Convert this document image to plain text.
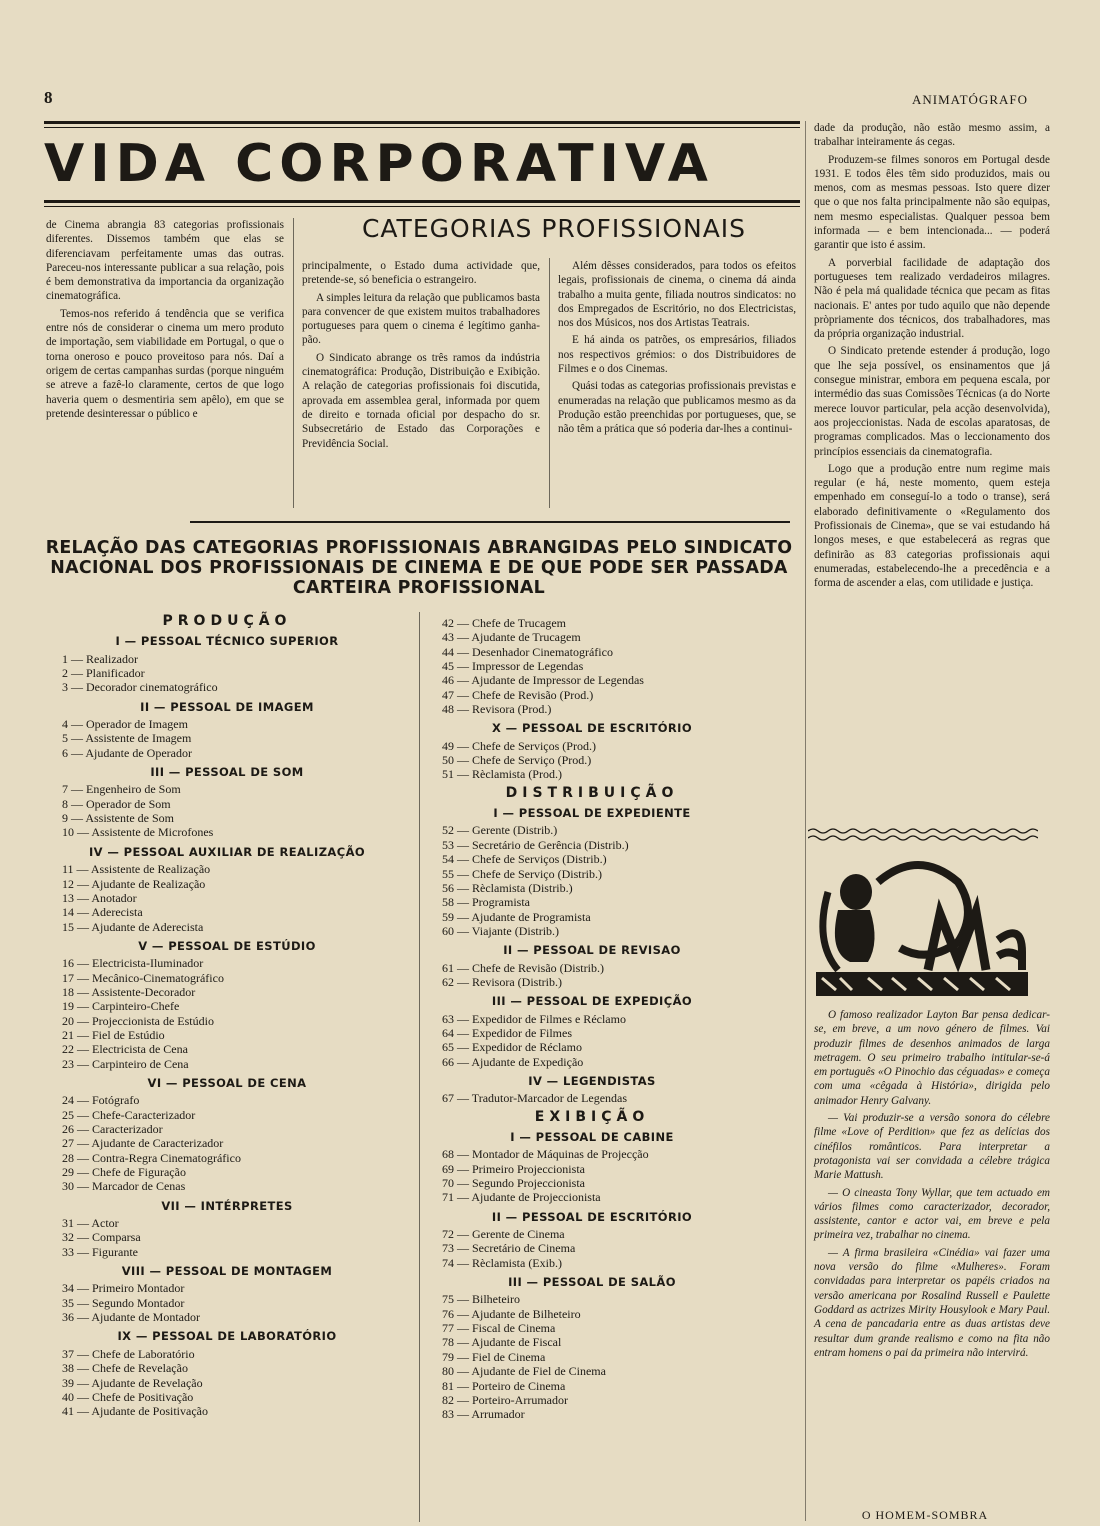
8	ANIMATÓGRAFO
VIDA CORPORATIVA

de Cinema abrangia 83 categorias profissionais diferentes. Dissemos também que elas se diferenciavam perfeitamente umas das outras. Pareceu-nos interessante publicar a sua relação, pois é bem demonstrativa da importancia da organização cinematográfica.

Temos-nos referido á tendência que se verifica entre nós de considerar o cinema um mero produto de importação, sem viabilidade em Portugal, o que o torna oneroso e pouco proveitoso para nós. Daí a origem de certas campanhas surdas (porque ninguém se atreve a fazê-lo claramente, certos de que logo haveria quem o desmentiria sem apêlo), em que se pretende desinteressar o público e

CATEGORIAS PROFISSIONAIS

principalmente, o Estado duma actividade que, pretende-se, só beneficia o estrangeiro.

A simples leitura da relação que publicamos basta para convencer de que existem muitos trabalhadores portugueses para quem o cinema é legítimo ganha-pão.

O Sindicato abrange os três ramos da indústria cinematográfica: Produção, Distribuição e Exibição. A relação de categorias profissionais foi discutida, aprovada em assemblea geral, informada por quem de direito e tornada oficial por despacho do sr. Subsecretário de Estado das Corporações e Previdência Social.

Além dêsses considerados, para todos os efeitos legais, profissionais de cinema, o cinema dá ainda trabalho a muita gente, filiada noutros sindicatos: no dos Empregados de Escritório, no dos Electricistas, nos dos Músicos, nos dos Artistas Teatrais.

E há ainda os patrões, os empresários, filiados nos respectivos grémios: o dos Distribuidores de Filmes e o dos Cinemas.

Quási todas as categorias profissionais previstas e enumeradas na relação que publicamos mesmo as da Produção estão preenchidas por portugueses, que, se não têm a prática que só poderia dar-lhes a continui-

dade da produção, não estão mesmo assim, a trabalhar inteiramente ás cegas.

Produzem-se filmes sonoros em Portugal desde 1931. E todos êles têm sido produzidos, mais ou menos, com as mesmas pessoas. Isto quere dizer que o que nos falta principalmente não são equipas, nem mesmo especialistas. Qualquer pessoa bem informada — e bem intencionada... — poderá garantir que isto é assim.

A porverbial facilidade de adaptação dos portugueses tem realizado verdadeiros milagres. Não é pela má qualidade técnica que pecam as fitas nacionais. E' antes por tudo aquilo que não depende pròpriamente dos técnicos, dos trabalhadores, mas da própria organização industrial.

O Sindicato pretende estender á produção, logo que lhe seja possível, os ensinamentos que já consegue ministrar, embora em pequena escala, por intermédio das suas Comissões Técnicas (a do Norte merece louvor particular, pela acção desenvolvida), aos projeccionistas. Nada de escolas aparatosas, de programas complicados. Mas o leccionamento dos princípios essenciais da cinematografia.

Logo que a produção entre num regime mais regular (e há, neste momento, quem esteja empenhado em conseguí-lo a todo o transe), será elaborado definitivamente o «Regulamento dos Profissionais de Cinema», que se vai estudando há longos meses, e que estabelecerá as regras que definirão as 83 categorias profissionais aqui enumeradas, estabelecendo-lhe a precedência e a forma de ascender a elas, com utilidade e justiça.

O famoso realizador Layton Bar pensa dedicar-se, em breve, a um novo género de filmes. Vai produzir filmes de desenhos animados de larga metragem. O seu primeiro trabalho intitular-se-á em português «O Pinochio das céguadas» e começa com uma «cêgada à História», dirigida pelo animador Henry Galvany.

— Vai produzir-se a versão sonora do célebre filme «Love of Perdition» que fez as delícias dos cinéfilos românticos. Para interpretar a protagonista vai ser convidada a célebre trágica Marie Mattush.

— O cineasta Tony Wyllar, que tem actuado em vários filmes como caracterizador, decorador, assistente, cantor e actor vai, em breve e pela primeira vez, trabalhar no cinema.

— A firma brasileira «Cinédia» vai fazer uma nova versão do filme «Mulheres». Foram convidadas para interpretar os papéis criados na versão americana por Rosalind Russell e Paulette Goddard as actrizes Mirity Housylook e Mary Paul. A cena de pancadaria entre as duas artistas deve resultar dum grande realismo e como na fita não entram homens o pai da primeira não intervirá.

O HOMEM-SOMBRA
RELAÇÃO DAS CATEGORIAS PROFISSIONAIS ABRANGIDAS PELO SINDICATO NACIONAL DOS PROFISSIONAIS DE CINEMA E DE QUE PODE SER PASSADA CARTEIRA PROFISSIONAL
PRODUÇÃO
I — PESSOAL TÉCNICO SUPERIOR
1 — Realizador
2 — Planificador
3 — Decorador cinematográfico
II — PESSOAL DE IMAGEM
4 — Operador de Imagem
5 — Assistente de Imagem
6 — Ajudante de Operador
III — PESSOAL DE SOM
7 — Engenheiro de Som
8 — Operador de Som
9 — Assistente de Som
10 — Assistente de Microfones
IV — PESSOAL AUXILIAR DE REALIZAÇÃO
11 — Assistente de Realização
12 — Ajudante de Realização
13 — Anotador
14 — Aderecista
15 — Ajudante de Aderecista
V — PESSOAL DE ESTÚDIO
16 — Electricista-Iluminador
17 — Mecânico-Cinematográfico
18 — Assistente-Decorador
19 — Carpinteiro-Chefe
20 — Projeccionista de Estúdio
21 — Fiel de Estúdio
22 — Electricista de Cena
23 — Carpinteiro de Cena
VI — PESSOAL DE CENA
24 — Fotógrafo
25 — Chefe-Caracterizador
26 — Caracterizador
27 — Ajudante de Caracterizador
28 — Contra-Regra Cinematográfico
29 — Chefe de Figuração
30 — Marcador de Cenas
VII — INTÉRPRETES
31 — Actor
32 — Comparsa
33 — Figurante
VIII — PESSOAL DE MONTAGEM
34 — Primeiro Montador
35 — Segundo Montador
36 — Ajudante de Montador
IX — PESSOAL DE LABORATÓRIO
37 — Chefe de Laboratório
38 — Chefe de Revelação
39 — Ajudante de Revelação
40 — Chefe de Positivação
41 — Ajudante de Positivação
42 — Chefe de Trucagem
43 — Ajudante de Trucagem
44 — Desenhador Cinematográfico
45 — Impressor de Legendas
46 — Ajudante de Impressor de Legendas
47 — Chefe de Revisão (Prod.)
48 — Revisora (Prod.)
X — PESSOAL DE ESCRITÓRIO
49 — Chefe de Serviços (Prod.)
50 — Chefe de Serviço (Prod.)
51 — Rèclamista (Prod.)
DISTRIBUIÇÃO
I — PESSOAL DE EXPEDIENTE
52 — Gerente (Distrib.)
53 — Secretário de Gerência (Distrib.)
54 — Chefe de Serviços (Distrib.)
55 — Chefe de Serviço (Distrib.)
56 — Rèclamista (Distrib.)
58 — Programista
59 — Ajudante de Programista
60 — Viajante (Distrib.)
II — PESSOAL DE REVISAO
61 — Chefe de Revisão (Distrib.)
62 — Revisora (Distrib.)
III — PESSOAL DE EXPEDIÇÃO
63 — Expedidor de Filmes e Réclamo
64 — Expedidor de Filmes
65 — Expedidor de Réclamo
66 — Ajudante de Expedição
IV — LEGENDISTAS
67 — Tradutor-Marcador de Legendas
EXIBIÇÃO
I — PESSOAL DE CABINE
68 — Montador de Máquinas de Projecção
69 — Primeiro Projeccionista
70 — Segundo Projeccionista
71 — Ajudante de Projeccionista
II — PESSOAL DE ESCRITÓRIO
72 — Gerente de Cinema
73 — Secretário de Cinema
74 — Rèclamista (Exib.)
III — PESSOAL DE SALÃO
75 — Bilheteiro
76 — Ajudante de Bilheteiro
77 — Fiscal de Cinema
78 — Ajudante de Fiscal
79 — Fiel de Cinema
80 — Ajudante de Fiel de Cinema
81 — Porteiro de Cinema
82 — Porteiro-Arrumador
83 — Arrumador
